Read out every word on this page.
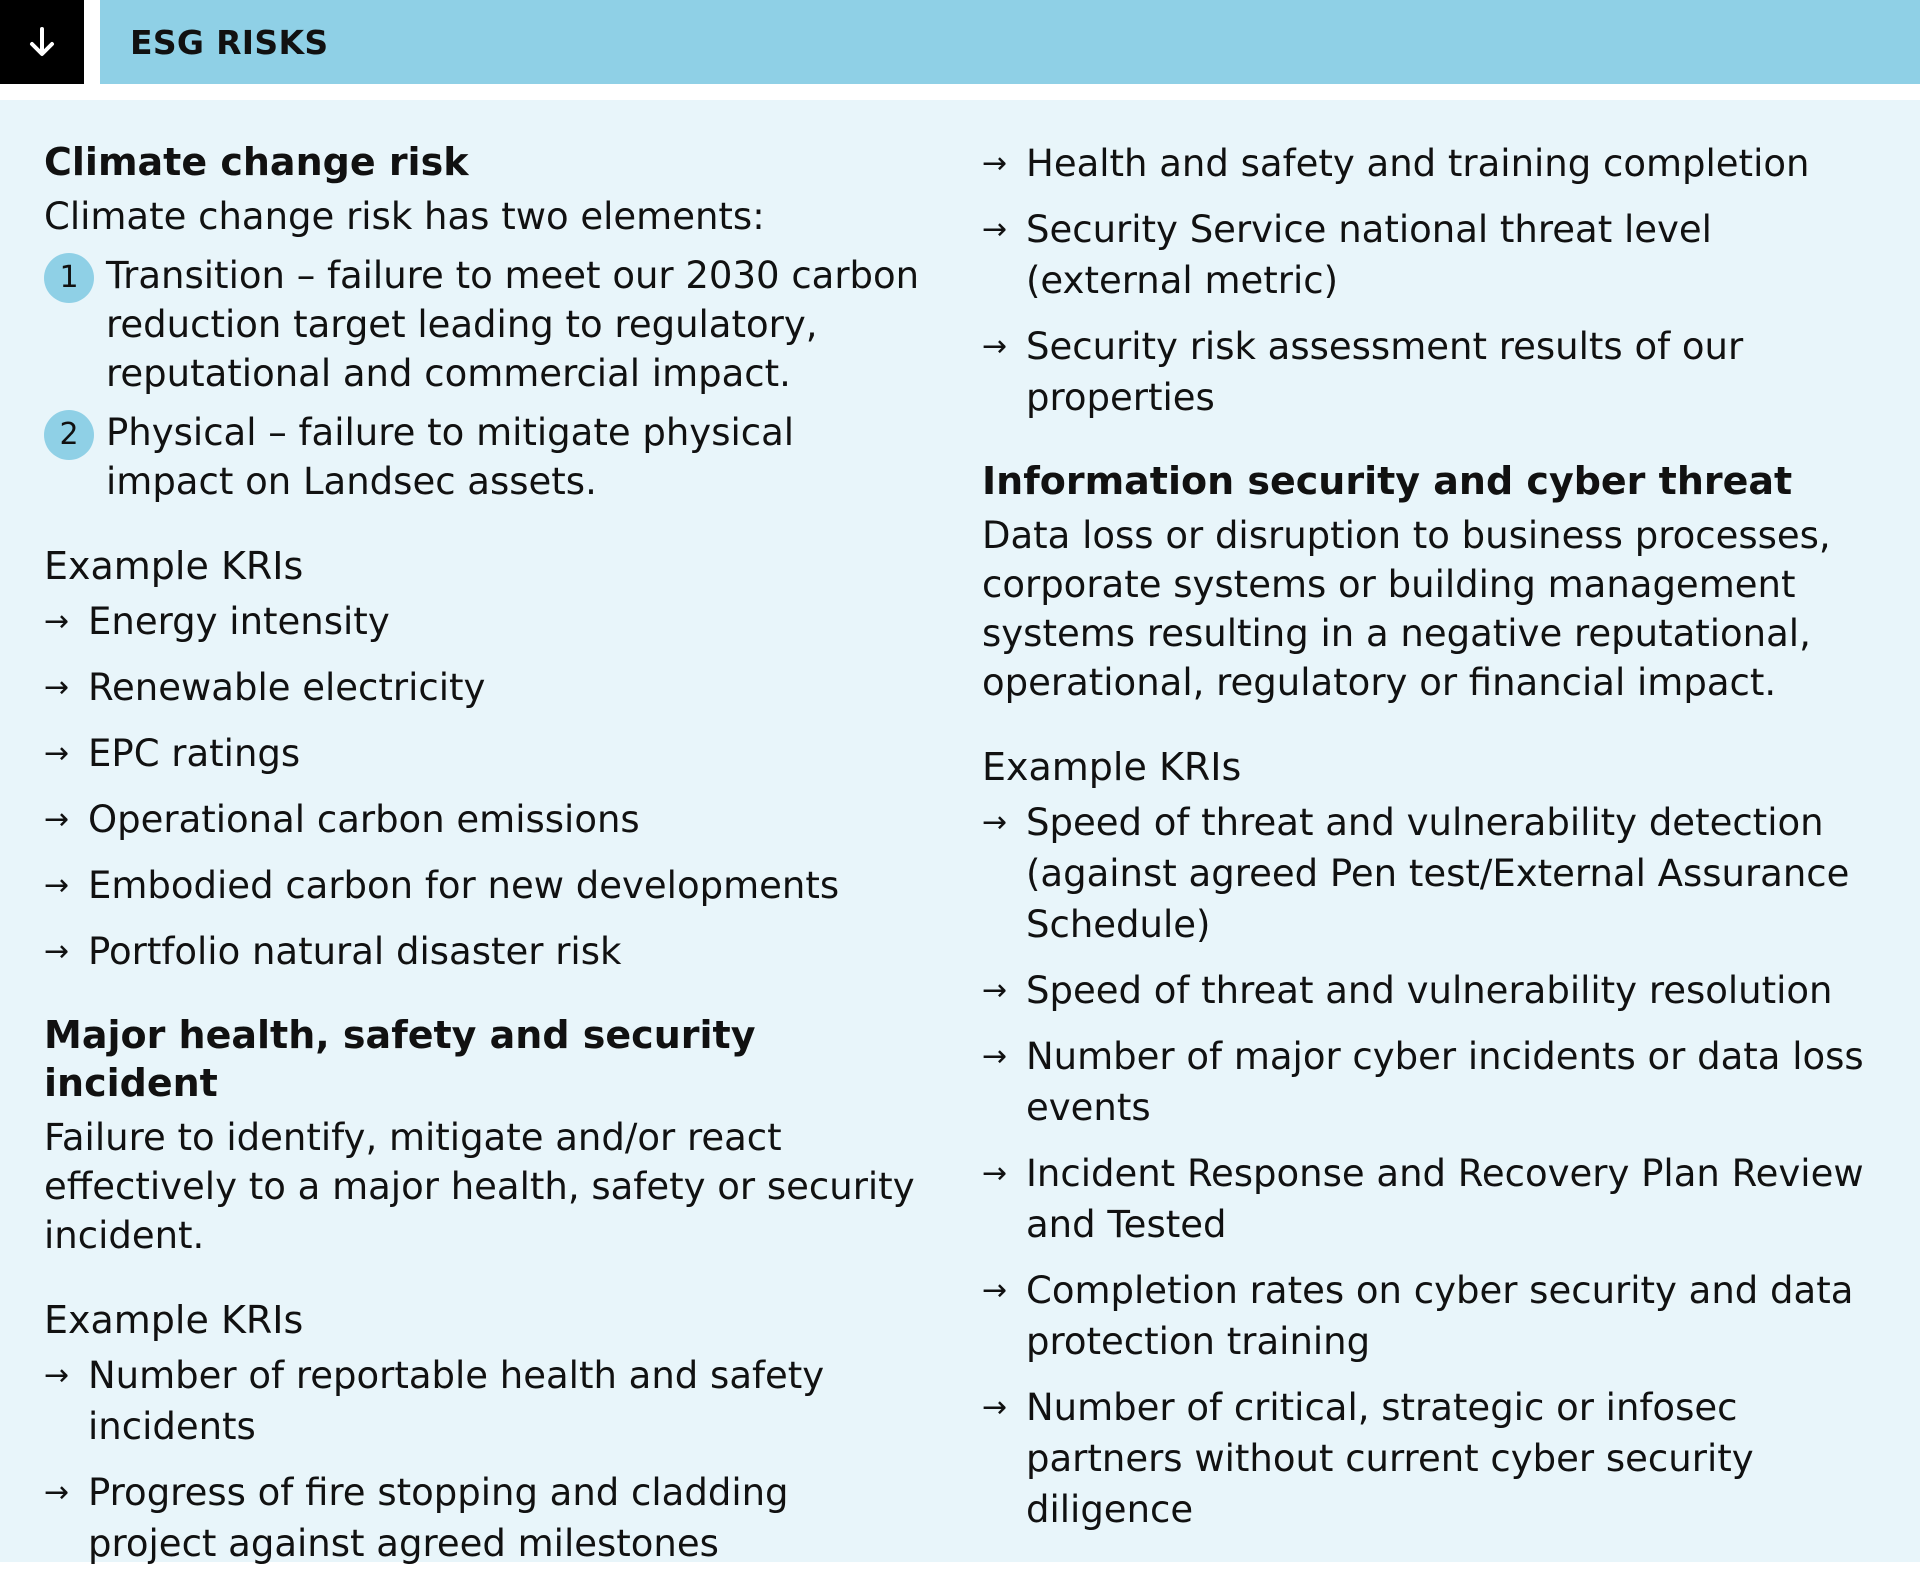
ESG RISKS
Climate change risk

Climate change risk has two elements:

1 Transition – failure to meet our 2030 carbon reduction target leading to regulatory, reputational and commercial impact.
2 Physical – failure to mitigate physical impact on Landsec assets.
Example KRIs
→ Energy intensity
→ Renewable electricity
→ EPC ratings
→ Operational carbon emissions
→ Embodied carbon for new developments
→ Portfolio natural disaster risk
Major health, safety and security incident

Failure to identify, mitigate and/or react effectively to a major health, safety or security incident.

Example KRIs
→ Number of reportable health and safety incidents
→ Progress of fire stopping and cladding project against agreed milestones
→ Health and safety and training completion
→ Security Service national threat level (external metric)
→ Security risk assessment results of our properties
Information security and cyber threat

Data loss or disruption to business processes, corporate systems or building management systems resulting in a negative reputational, operational, regulatory or financial impact.

Example KRIs
→ Speed of threat and vulnerability detection (against agreed Pen test/External Assurance Schedule)
→ Speed of threat and vulnerability resolution
→ Number of major cyber incidents or data loss events
→ Incident Response and Recovery Plan Review and Tested
→ Completion rates on cyber security and data protection training
→ Number of critical, strategic or infosec partners without current cyber security diligence
